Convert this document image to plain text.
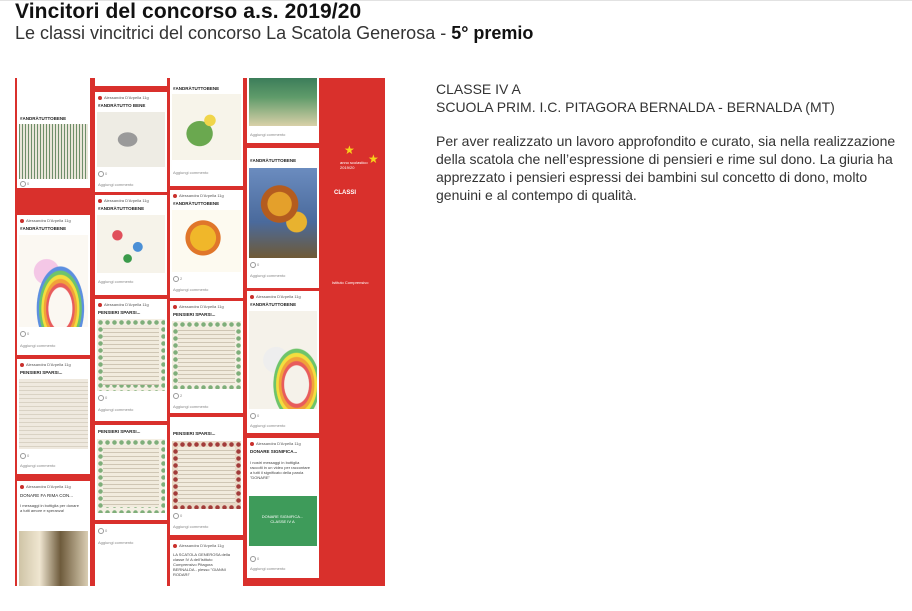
Vincitori del concorso a.s. 2019/20
Le classi vincitrici del concorso La Scatola Generosa - 5° premio
#ANDRÀTUTTOBENE
0
Alessandra D'Arpella 11g
#ANDRÀTUTTOBENE
0
Aggiungi commento
Alessandra D'Arpella 11g
PENSIERI SPARSI...
0
Aggiungi commento
Alessandra D'Arpella 11g
DONARE FA RIMA CON...
I messaggi in bottiglia per donare a tutti amore e speranza!
Alessandra D'Arpella 11g
#ANDRÀTUTTO BENE
0
Aggiungi commento
Alessandra D'Arpella 11g
#ANDRÀTUTTOBENE
Aggiungi commento
Alessandra D'Arpella 11g
PENSIERI SPARSI...
0
Aggiungi commento
PENSIERI SPARSI...
0
Aggiungi commento
#ANDRÀTUTTOBENE
Aggiungi commento
Alessandra D'Arpella 11g
#ANDRÀTUTTOBENE
2
Aggiungi commento
Alessandra D'Arpella 11g
PENSIERI SPARSI...
2
Aggiungi commento
PENSIERI SPARSI...
0
Aggiungi commento
Alessandra D'Arpella 11g
LA SCATOLA GENEROSA della classe IV A dell'Istituto Comprensivo Pitagora BERNALDA - plesso "GIANNI RODARI"
Aggiungi commento
#ANDRÀTUTTOBENE
0
Aggiungi commento
Alessandra D'Arpella 11g
#ANDRÀTUTTOBENE
0
Aggiungi commento
Alessandra D'Arpella 11g
DONARE SIGNIFICA...
I nostri messaggi in bottiglia raccolti in un video per raccontare a tutti il significato della parola "DONARE"
DONARE SIGNIFICA... CLASSE IV A
0
Aggiungi commento
★
★
anno scolastico 2019/20
CLASSI
Istituto Comprensivo

CLASSE IV A

SCUOLA PRIM. I.C. PITAGORA BERNALDA - BERNALDA (MT)

Per aver realizzato un lavoro approfondito e curato, sia nella realizzazione della scatola che nell’espressione di pensieri e rime sul dono. La giuria ha apprezzato i pensieri espressi dei bambini sul concetto di dono, molto genuini e al contempo di qualità.
